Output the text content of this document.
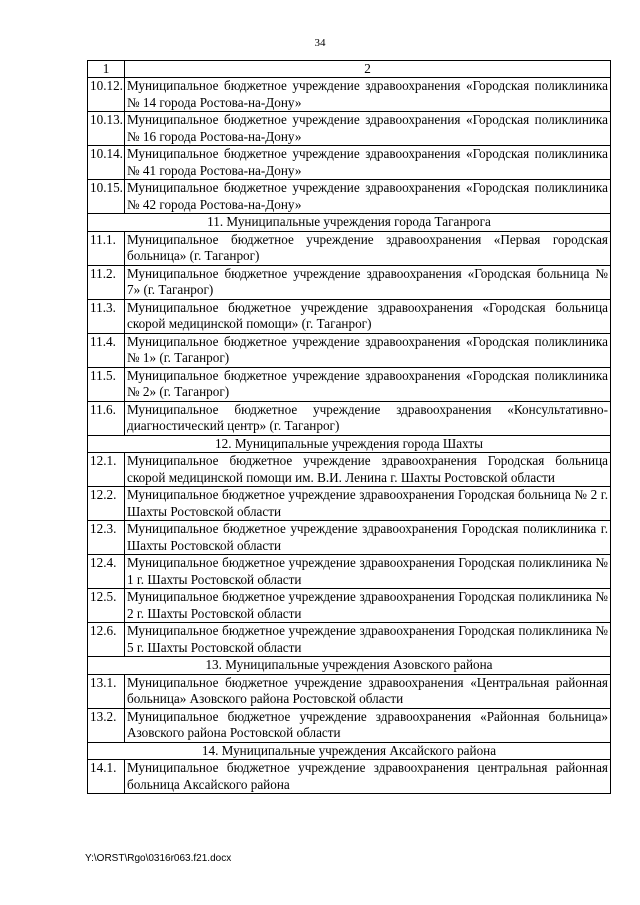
34
1	2
10.12.	Муниципальное бюджетное учреждение здравоохранения «Городская поликлиника № 14 города Ростова-на-Дону»
10.13.	Муниципальное бюджетное учреждение здравоохранения «Городская поликлиника № 16 города Ростова-на-Дону»
10.14.	Муниципальное бюджетное учреждение здравоохранения «Городская поликлиника № 41 города Ростова-на-Дону»
10.15.	Муниципальное бюджетное учреждение здравоохранения «Городская поликлиника № 42 города Ростова-на-Дону»
11. Муниципальные учреждения города Таганрога	
11.1.	Муниципальное бюджетное учреждение здравоохранения «Первая городская больница» (г. Таганрог)
11.2.	Муниципальное бюджетное учреждение здравоохранения «Городская больница № 7» (г. Таганрог)
11.3.	Муниципальное бюджетное учреждение здравоохранения «Городская больница скорой медицинской помощи» (г. Таганрог)
11.4.	Муниципальное бюджетное учреждение здравоохранения «Городская поликлиника № 1» (г. Таганрог)
11.5.	Муниципальное бюджетное учреждение здравоохранения «Городская поликлиника № 2» (г. Таганрог)
11.6.	Муниципальное бюджетное учреждение здравоохранения «Консультативно-диагностический центр» (г. Таганрог)
12. Муниципальные учреждения города Шахты	
12.1.	Муниципальное бюджетное учреждение здравоохранения Городская больница скорой медицинской помощи им. В.И. Ленина г. Шахты Ростовской области
12.2.	Муниципальное бюджетное учреждение здравоохранения Городская больница № 2 г. Шахты Ростовской области
12.3.	Муниципальное бюджетное учреждение здравоохранения Городская поликлиника г. Шахты Ростовской области
12.4.	Муниципальное бюджетное учреждение здравоохранения Городская поликлиника № 1 г. Шахты Ростовской области
12.5.	Муниципальное бюджетное учреждение здравоохранения Городская поликлиника № 2 г. Шахты Ростовской области
12.6.	Муниципальное бюджетное учреждение здравоохранения Городская поликлиника № 5 г. Шахты Ростовской области
13. Муниципальные учреждения Азовского района	
13.1.	Муниципальное бюджетное учреждение здравоохранения «Центральная районная больница» Азовского района Ростовской области
13.2.	Муниципальное бюджетное учреждение здравоохранения «Районная больница» Азовского района Ростовской области
14. Муниципальные учреждения Аксайского района	
14.1.	Муниципальное бюджетное учреждение здравоохранения центральная районная больница Аксайского района
Y:\ORST\Rgo\0316r063.f21.docx
